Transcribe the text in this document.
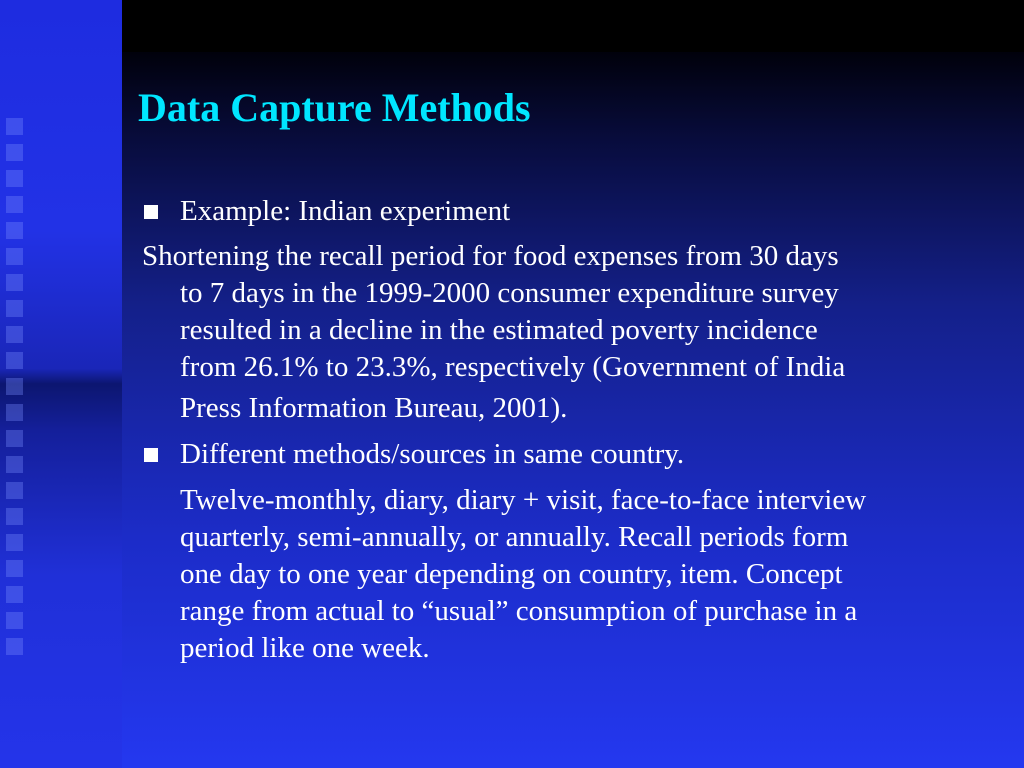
Data Capture Methods

Example: Indian experiment

Shortening the recall period for food expenses from 30 days

to 7 days in the 1999-2000 consumer expenditure survey

resulted in a decline in the estimated poverty incidence

from 26.1% to 23.3%, respectively (Government of India

Press Information Bureau, 2001).

Different methods/sources in same country.

Twelve-monthly, diary, diary + visit, face-to-face interview

quarterly, semi-annually, or annually. Recall periods form

one day to one year depending on country, item. Concept

range from actual to “usual” consumption of purchase in a

period like one week.
